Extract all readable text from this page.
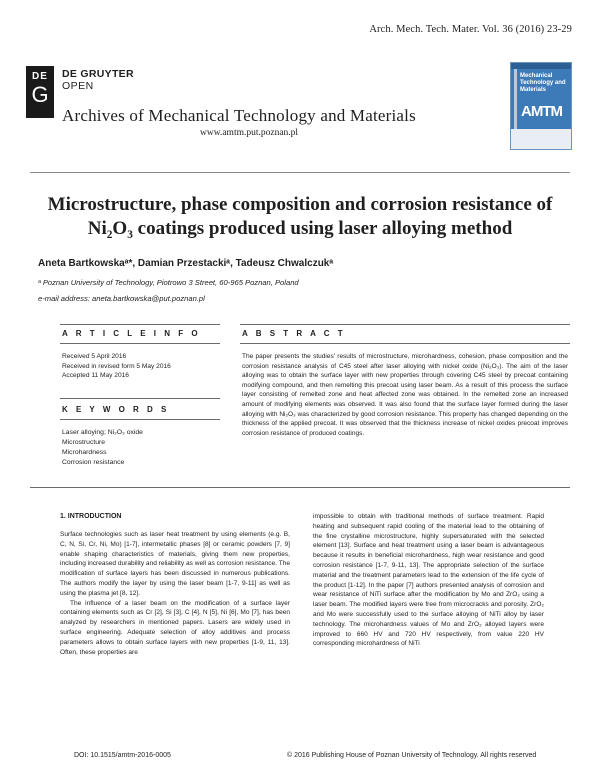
Arch. Mech. Tech. Mater. Vol. 36 (2016) 23-29
DE
G
DE GRUYTER
OPEN
Archives of Mechanical Technology and Materials
www.amtm.put.poznan.pl
Mechanical Technology and Materials
AMTM
Microstructure, phase composition and corrosion resistance of
Ni₂O₃ coatings produced using laser alloying method
Aneta Bartkowskaᵃ*, Damian Przestackiᵃ, Tadeusz Chwalczukᵃ
ᵃ Poznan University of Technology, Piotrowo 3 Street, 60-965 Poznan, Poland
e-mail address: aneta.bartkowska@put.poznan.pl
A R T I C L E I N F O
Received 5 April 2016
Received in revised form 5 May 2016
Accepted 11 May 2016
K E Y W O R D S
Laser alloying; Ni₂O₃ oxide
Microstructure
Microhardness
Corrosion resistance
A B S T R A C T
The paper presents the studies' results of microstructure, microhardness, cohesion, phase composition and the corrosion resistance analysis of C45 steel after laser alloying with nickel oxide (Ni₂O₃). The aim of the laser alloying was to obtain the surface layer with new properties through covering C45 steel by precoat containing modifying compound, and then remelting this precoat using laser beam. As a result of this process the surface layer consisting of remelted zone and heat affected zone was obtained. In the remelted zone an increased amount of modifying elements was observed. It was also found that the surface layer formed during the laser alloying with Ni₂O₃ was characterized by good corrosion resistance. This property has changed depending on the thickness of the applied precoat. It was observed that the thickness increase of nickel oxides precoat improves corrosion resistance of produced coatings.
1. INTRODUCTION

Surface technologies such as laser heat treatment by using elements (e.g. B, C, N, Si, Cr, Ni, Mo) [1-7], intermetallic phases [8] or ceramic powders [7, 9] enable shaping characteristics of materials, giving them new properties, including increased durability and reliability as well as corrosion resistance. The modification of surface layers has been discussed in numerous publications. The authors modify the layer by using the laser beam [1-7, 9-11] as well as using the plasma jet [8, 12].

The influence of a laser beam on the modification of a surface layer containing elements such as Cr [2], Si [3], C [4], N [5], Ni [6], Mo [7], has been analyzed by researchers in mentioned papers. Lasers are widely used in surface engineering. Adequate selection of alloy additives and process parameters allows to obtain surface layers with new properties [1-9, 11, 13]. Often, these properties are

impossible to obtain with traditional methods of surface treatment. Rapid heating and subsequent rapid cooling of the material lead to the obtaining of the fine crystalline microstructure, highly supersaturated with the selected element [13]. Surface and heat treatment using a laser beam is advantageous because it results in beneficial microhardness, high wear resistance and good corrosion resistance [1-7, 9-11, 13]. The appropriate selection of the surface material and the treatment parameters lead to the extension of the life cycle of the product [1-12]. In the paper [7] authors presented analysis of corrosion and wear resistance of NiTi surface after the modification by Mo and ZrO₂ using a laser beam. The modified layers were free from microcracks and porosity. ZrO₂ and Mo were successfully used to the surface alloying of NiTi alloy by laser technology. The microhardness values of Mo and ZrO₂ alloyed layers were improved to 660 HV and 720 HV respectively, from value 220 HV corresponding microhardness of NiTi

DOI: 10.1515/amtm-2016-0005	© 2016 Publishing House of Poznan University of Technology. All rights reserved
